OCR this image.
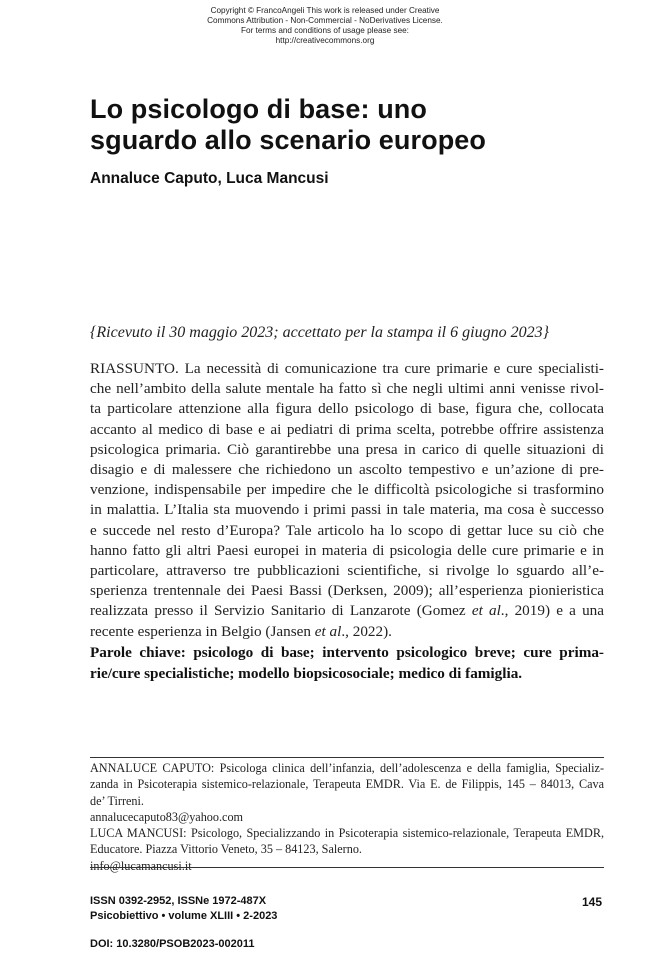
Copyright © FrancoAngeli This work is released under Creative
Commons Attribution - Non-Commercial - NoDerivatives License.
For terms and conditions of usage please see:
http://creativecommons.org
Lo psicologo di base: uno
sguardo allo scenario europeo
Annaluce Caputo, Luca Mancusi
{Ricevuto il 30 maggio 2023; accettato per la stampa il 6 giugno 2023}
RIASSUNTO. La necessità di comunicazione tra cure primarie e cure specialisti-
che nell’ambito della salute mentale ha fatto sì che negli ultimi anni venisse rivol-
ta particolare attenzione alla figura dello psicologo di base, figura che, collocata
accanto al medico di base e ai pediatri di prima scelta, potrebbe offrire assistenza
psicologica primaria. Ciò garantirebbe una presa in carico di quelle situazioni di
disagio e di malessere che richiedono un ascolto tempestivo e un’azione di pre-
venzione, indispensabile per impedire che le difficoltà psicologiche si trasformino
in malattia. L’Italia sta muovendo i primi passi in tale materia, ma cosa è successo
e succede nel resto d’Europa? Tale articolo ha lo scopo di gettar luce su ciò che
hanno fatto gli altri Paesi europei in materia di psicologia delle cure primarie e in
particolare, attraverso tre pubblicazioni scientifiche, si rivolge lo sguardo all’e-
sperienza trentennale dei Paesi Bassi (Derksen, 2009); all’esperienza pionieristica
realizzata presso il Servizio Sanitario di Lanzarote (Gomez et al., 2019) e a una
recente esperienza in Belgio (Jansen et al., 2022).
Parole chiave: psicologo di base; intervento psicologico breve; cure prima-
rie/cure specialistiche; modello biopsicosociale; medico di famiglia.
ANNALUCE CAPUTO: Psicologa clinica dell’infanzia, dell’adolescenza e della famiglia, Specializ-
zanda in Psicoterapia sistemico-relazionale, Terapeuta EMDR. Via E. de Filippis, 145 – 84013, Cava
de’ Tirreni.
annalucecaputo83@yahoo.com
LUCA MANCUSI: Psicologo, Specializzando in Psicoterapia sistemico-relazionale, Terapeuta EMDR,
Educatore. Piazza Vittorio Veneto, 35 – 84123, Salerno.
info@lucamancusi.it
ISSN 0392-2952, ISSNe 1972-487X
Psicobiettivo • volume XLIII • 2-2023
145
DOI: 10.3280/PSOB2023-002011
